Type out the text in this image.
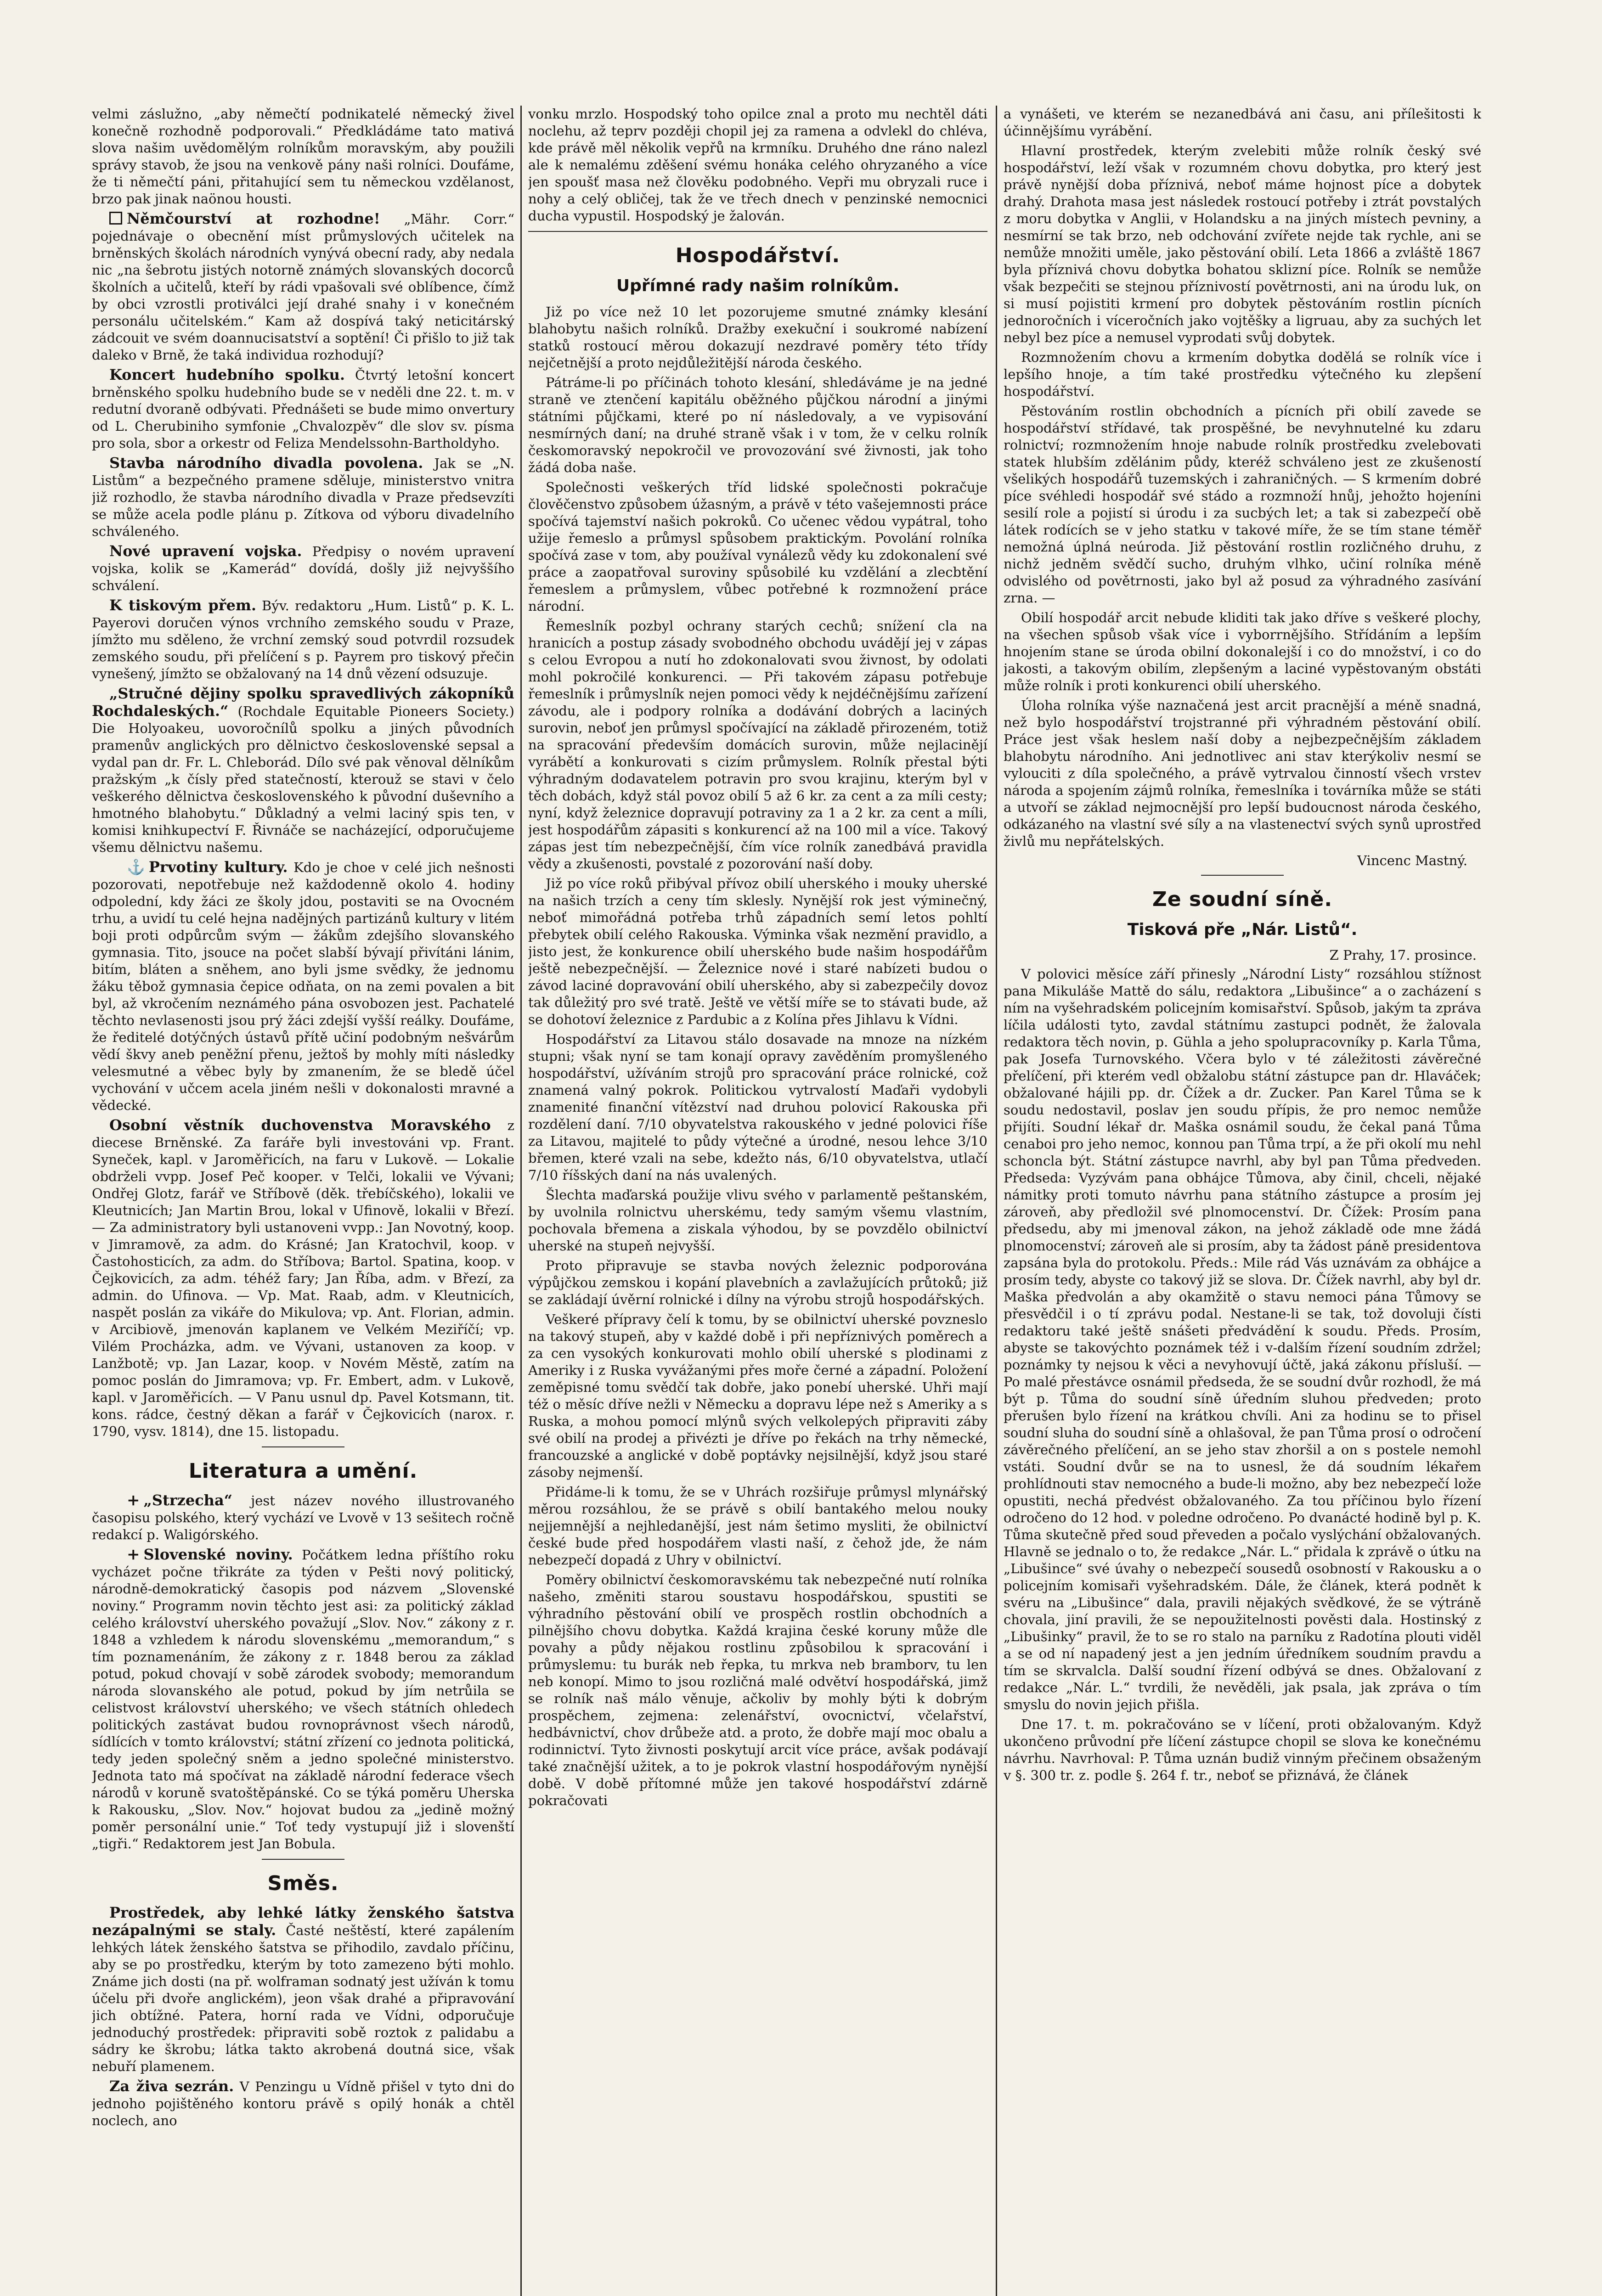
velmi záslužno, „aby němečtí podnikatelé německý živel konečně rozhodně podporovali.“ Předkládáme tato mativá slova našim uvědomělým rolníkům moravským, aby použili správy stavob, že jsou na venkově pány naši rolníci. Doufáme, že ti němečtí páni, přitahující sem tu německou vzdělanost, brzo pak jinak naönou housti.

Němčourství at rozhodne! „Mähr. Corr.“ pojednávaje o obecnění míst průmyslových učitelek na brněnských školách národních vynývá obecní rady, aby nedala nic „na šebrotu jistých notorně známých slovanských docorců školních a učitelů, kteří by rádi vpašovali své oblíbence, čímž by obci vzrostli protiválci její drahé snahy i v konečném personálu učitelském.“ Kam až dospívá taký neticitárský zádcouit ve svém doannucisatství a soptění! Či přišlo to již tak daleko v Brně, že taká individua rozhodují?

Koncert hudebního spolku. Čtvrtý letošní koncert brněnského spolku hudebního bude se v neděli dne 22. t. m. v redutní dvoraně odbývati. Přednášeti se bude mimo onvertury od L. Cherubiniho symfonie „Chvalozpěv“ dle slov sv. písma pro sola, sbor a orkestr od Feliza Mendelssohn-Bartholdyho.

Stavba národního divadla povolena. Jak se „N. Listům“ a bezpečného pramene sděluje, ministerstvo vnitra již rozhodlo, že stavba národního divadla v Praze předsevzíti se může acela podle plánu p. Zítkova od výboru divadelního schváleného.

Nové upravení vojska. Předpisy o novém upravení vojska, kolik se „Kamerád“ dovídá, došly již nejvyššího schválení.

K tiskovým přem. Býv. redaktoru „Hum. Listů“ p. K. L. Payerovi doručen výnos vrchního zemského soudu v Praze, jímžto mu sděleno, že vrchní zemský soud potvrdil rozsudek zemského soudu, při přelíčení s p. Payrem pro tiskový přečin vynešený, jímžto se obžalovaný na 14 dnů vězení odsuzuje.

„Stručné dějiny spolku spravedlivých zákopníků Rochdaleských.“ (Rochdale Equitable Pioneers Society.) Die Holyoakeu, uovoročnílů spolku a jiných původních pramenův anglických pro dělnictvo československé sepsal a vydal pan dr. Fr. L. Chleborád. Dílo své pak věnoval dělníkům pražským „k čísly před statečností, kterouž se stavi v čelo veškerého dělnictva československého k původní duševního a hmotného blahobytu.“ Důkladný a velmi laciný spis ten, v komisi knihkupectví F. Řivnáče se nacházející, odporučujeme všemu dělnictvu našemu.

⚓ Prvotiny kultury. Kdo je choe v celé jich nešnosti pozorovati, nepotřebuje než každodenně okolo 4. hodiny odpolední, kdy žáci ze školy jdou, postaviti se na Ovocném trhu, a uvidí tu celé hejna nadějných partizánů kultury v litém boji proti odpůrcům svým — žákům zdejšího slovanského gymnasia. Tito, jsouce na počet slabší bývají přivítáni lánim, bitím, bláten a sněhem, ano byli jsme svědky, že jednomu žáku těbož gymnasia čepice odňata, on na zemi povalen a bit byl, až vkročením neznámého pána osvobozen jest. Pachatelé těchto nevlasenosti jsou prý žáci zdejší vyšší reálky. Doufáme, že ředitelé dotýčných ústavů přítě učiní podobným nešvárům vědí škvy aneb peněžní přenu, ježtoš by mohly míti následky velesmutné a věbec byly by zmanením, že se bledě účel vychování v učcem acela jiném nešli v dokonalosti mravné a vědecké.

Osobní věstník duchovenstva Moravského z diecese Brněnské. Za faráře byli investováni vp. Frant. Syneček, kapl. v Jaroměřicích, na faru v Lukově. — Lokalie obdrželi vvpp. Josef Peč kooper. v Telči, lokalii ve Vývani; Ondřej Glotz, farář ve Stříbově (děk. třebíčského), lokalii ve Kleutnicích; Jan Martin Brou, lokal v Ufinově, lokalii v Březí. — Za administratory byli ustanoveni vvpp.: Jan Novotný, koop. v Jimramově, za adm. do Krásné; Jan Kratochvil, koop. v Častohosticích, za adm. do Stříbova; Bartol. Spatina, koop. v Čejkovicích, za adm. téhéž fary; Jan Říba, adm. v Březí, za admin. do Ufinova. — Vp. Mat. Raab, adm. v Kleutnicích, naspět poslán za vikáře do Mikulova; vp. Ant. Florian, admin. v Arcibiově, jmenován kaplanem ve Velkém Meziříčí; vp. Vilém Procházka, adm. ve Vývani, ustanoven za koop. v Lanžbotě; vp. Jan Lazar, koop. v Novém Městě, zatím na pomoc poslán do Jimramova; vp. Fr. Embert, adm. v Lukově, kapl. v Jaroměřicích. — V Panu usnul dp. Pavel Kotsmann, tit. kons. rádce, čestný děkan a farář v Čejkovicích (narox. r. 1790, vysv. 1814), dne 15. listopadu.

Literatura a umění.

+ „Strzecha“ jest název nového illustrovaného časopisu polského, který vychází ve Lvově v 13 sešitech ročně redakcí p. Waligórského.

+ Slovenské noviny. Počátkem ledna příštího roku vycházet počne třikráte za týden v Pešti nový politický, národně-demokratický časopis pod názvem „Slovenské noviny.“ Programm novin těchto jest asi: za politický základ celého království uherského považují „Slov. Nov.“ zákony z r. 1848 a vzhledem k národu slovenskému „memorandum,“ s tím poznamenáním, že zákony z r. 1848 berou za základ potud, pokud chovají v sobě zárodek svobody; memorandum národa slovanského ale potud, pokud by jím netrůila se celistvost království uherského; ve všech státních ohledech politických zastávat budou rovnoprávnost všech národů, sídlících v tomto království; státní zřízení co jednota politická, tedy jeden společný sněm a jedno společné ministerstvo. Jednota tato má spočívat na základě národní federace všech národů v koruně svatoštěpánské. Co se týká poměru Uherska k Rakousku, „Slov. Nov.“ hojovat budou za „jedině možný poměr personální unie.“ Toť tedy vystupují již i slovenští „tigři.“ Redaktorem jest Jan Bobula.

Směs.

Prostředek, aby lehké látky ženského šatstva nezápalnými se staly. Časté neštěstí, které zapálením lehkých látek ženského šatstva se přihodilo, zavdalo příčinu, aby se po prostředku, kterým by toto zamezeno býti mohlo. Známe jich dosti (na př. wolframan sodnatý jest užíván k tomu účelu při dvoře anglickém), jeon však drahé a připravování jich obtížné. Patera, horní rada ve Vídni, odporučuje jednoduchý prostředek: připraviti sobě roztok z palidabu a sádry ke škrobu; látka takto akrobená doutná sice, však nebuří plamenem.

Za živa sezrán. V Penzingu u Vídně přišel v tyto dni do jednoho pojištěného kontoru právě s opilý honák a chtěl noclech, ano

vonku mrzlo. Hospodský toho opilce znal a proto mu nechtěl dáti noclehu, až teprv později chopil jej za ramena a odvlekl do chléva, kde právě měl několik vepřů na krmníku. Druhého dne ráno nalezl ale k nemalému zděšení svému honáka celého ohryzaného a více jen spoušť masa než člověku podobného. Vepři mu obryzali ruce i nohy a celý obličej, tak že ve třech dnech v penzinské nemocnici ducha vypustil. Hospodský je žalován.

Hospodářství.
Upřímné rady našim rolníkům.

Již po více než 10 let pozorujeme smutné známky klesání blahobytu našich rolníků. Dražby exekuční i soukromé nabízení statků rostoucí měrou dokazují nezdravé poměry této třídy nejčetnější a proto nejdůležitější národa českého.

Pátráme-li po příčinách tohoto klesání, shledáváme je na jedné straně ve ztenčení kapitálu oběžného půjčkou národní a jinými státními půjčkami, které po ní následovaly, a ve vypisování nesmírných daní; na druhé straně však i v tom, že v celku rolník českomoravský nepokročil ve provozování své živnosti, jak toho žádá doba naše.

Společnosti veškerých tříd lidské společnosti pokračuje člověčenstvo způsobem úžasným, a právě v této vašejemnosti práce spočívá tajemství našich pokroků. Co učenec vědou vypátral, toho užije řemeslo a průmysl spůsobem praktickým. Povolání rolníka spočívá zase v tom, aby používal vynálezů vědy ku zdokonalení své práce a zaopatřoval suroviny spůsobilé ku vzdělání a zlecbtění řemeslem a průmyslem, vůbec potřebné k rozmnožení práce národní.

Řemeslník pozbyl ochrany starých cechů; snížení cla na hranicích a postup zásady svobodného obchodu uvádějí jej v zápas s celou Evropou a nutí ho zdokonalovati svou živnost, by odolati mohl pokročilé konkurenci. — Při takovém zápasu potřebuje řemeslník i průmyslník nejen pomoci vědy k nejdéčnějšímu zařízení závodu, ale i podpory rolníka a dodávání dobrých a laciných surovin, neboť jen průmysl spočívající na základě přirozeném, totiž na spracování především domácích surovin, může nejlacinějí vyrábětí a konkurovati s cizím průmyslem. Rolník přestal býti výhradným dodavatelem potravin pro svou krajinu, kterým byl v těch dobách, když stál povoz obilí 5 až 6 kr. za cent a za míli cesty; nyní, když železnice dopravují potraviny za 1 a 2 kr. za cent a míli, jest hospodářům zápasiti s konkurencí až na 100 mil a více. Takový zápas jest tím nebezpečnější, čím více rolník zanedbává pravidla vědy a zkušenosti, povstalé z pozorování naší doby.

Již po více roků přibýval přívoz obilí uherského i mouky uherské na našich trzích a ceny tím sklesly. Nynější rok jest výminečný, neboť mimořádná potřeba trhů západních semí letos pohltí přebytek obilí celého Rakouska. Výminka však nezmění pravidlo, a jisto jest, že konkurence obilí uherského bude našim hospodářům ještě nebezpečnější. — Železnice nové i staré nabízeti budou o závod laciné dopravování obilí uherského, aby si zabezpečily dovoz tak důležitý pro své tratě. Ještě ve větší míře se to stávati bude, až se dohotoví železnice z Pardubic a z Kolína přes Jihlavu k Vídni.

Hospodářství za Litavou stálo dosavade na mnoze na nízkém stupni; však nyní se tam konají opravy zavěděním promyšleného hospodářství, užíváním strojů pro spracování práce rolnické, což znamená valný pokrok. Politickou vytrvalostí Maďaři vydobyli znamenité finanční vítězství nad druhou polovicí Rakouska při rozdělení daní. 7/10 obyvatelstva rakouského v jedné polovici říše za Litavou, majitelé to půdy výtečné a úrodné, nesou lehce 3/10 břemen, které vzali na sebe, kdežto nás, 6/10 obyvatelstva, utlačí 7/10 říšských daní na nás uvalených.

Šlechta maďarská použije vlivu svého v parlamentě peštanském, by uvolnila rolnictvu uherskému, tedy samým všemu vlastním, pochovala břemena a ziskala výhodou, by se povzdělo obilnictví uherské na stupeň nejvyšší.

Proto připravuje se stavba nových železnic podporována výpůjčkou zemskou i kopání plavebních a zavlažujících průtoků; již se zakládají úvěrní rolnické i dílny na výrobu strojů hospodářských.

Veškeré přípravy čelí k tomu, by se obilnictví uherské povzneslo na takový stupeň, aby v každé době i při nepříznivých poměrech a za cen vysokých konkurovati mohlo obilí uherské s plodinami z Ameriky i z Ruska vyvážanými přes moře černé a západní. Položení zeměpisné tomu svědčí tak dobře, jako ponebí uherské. Uhři mají též o měsíc dříve nežli v Německu a dopravu lépe než s Ameriky a s Ruska, a mohou pomocí mlýnů svých velkolepých připraviti záby své obilí na prodej a přivézti je dříve po řekách na trhy německé, francouzské a anglické v době poptávky nejsilnější, když jsou staré zásoby nejmenší.

Přidáme-li k tomu, že se v Uhrách rozšiřuje průmysl mlynářský měrou rozsáhlou, že se právě s obilí bantakého melou nouky nejjemnější a nejhledanější, jest nám šetimo mysliti, že obilnictví české bude před hospodářem vlasti naší, z čehož jde, že nám nebezpečí dopadá z Uhry v obilnictví.

Poměry obilnictví českomoravskému tak nebezpečné nutí rolníka našeho, změniti starou soustavu hospodářskou, spustiti se výhradního pěstování obilí ve prospěch rostlin obchodních a pilnějšího chovu dobytka. Každá krajina české koruny může dle povahy a půdy nějakou rostlinu způsobilou k spracování i průmyslemu: tu burák neb řepka, tu mrkva neb bramborv, tu len neb konopí. Mimo to jsou rozličná malé odvětví hospodářská, jimž se rolník naš málo věnuje, ačkoliv by mohly býti k dobrým prospěchem, zejmena: zelenářství, ovocnictví, včelařství, hedbávnictví, chov drůbeže atd. a proto, že dobře mají moc obalu a rodinnictví. Tyto živnosti poskytují arcit více práce, avšak podávají také značnější užitek, a to je pokrok vlastní hospodářovým nynější době. V době přítomné může jen takové hospodářství zdárně pokračovati

a vynášeti, ve kterém se nezanedbává ani času, ani přílešitosti k účinnějšímu vyrábění.

Hlavní prostředek, kterým zvelebiti může rolník český své hospodářství, leží však v rozumném chovu dobytka, pro který jest právě nynější doba příznivá, neboť máme hojnost píce a dobytek drahý. Drahota masa jest následek rostoucí potřeby i ztrát povstalých z moru dobytka v Anglii, v Holandsku a na jiných místech pevniny, a nesmírní se tak brzo, neb odchování zvířete nejde tak rychle, ani se nemůže množiti uměle, jako pěstování obilí. Leta 1866 a zvláště 1867 byla příznivá chovu dobytka bohatou sklizní píce. Rolník se nemůže však bezpečiti se stejnou příznivostí povětrnosti, ani na úrodu luk, on si musí pojistiti krmení pro dobytek pěstováním rostlin pícních jednoročních i víceročních jako vojtěšky a ligruau, aby za suchých let nebyl bez píce a nemusel vyprodati svůj dobytek.

Rozmnožením chovu a krmením dobytka dodělá se rolník více i lepšího hnoje, a tím také prostředku výtečného ku zlepšení hospodářství.

Pěstováním rostlin obchodních a pícních při obilí zavede se hospodářství střídavé, tak prospěšné, be nevyhnutelné ku zdaru rolnictví; rozmnožením hnoje nabude rolník prostředku zvelebovati statek hlubším zdělánim půdy, kteréž schváleno jest ze zkušeností všelikých hospodářů tuzemských i zahraničných. — S krmením dobré píce svéhledi hospodář své stádo a rozmnoží hnůj, jehožto hojeníni sesilí role a pojistí si úrodu i za sucbých let; a tak si zabezpečí obě látek rodících se v jeho statku v takové míře, že se tím stane téměř nemožná úplná neúroda. Již pěstování rostlin rozličného druhu, z nichž jedněm svědčí sucho, druhým vlhko, učiní rolníka méně odvislého od povětrnosti, jako byl až posud za výhradného zasívání zrna. —

Obilí hospodář arcit nebude kliditi tak jako dříve s veškeré plochy, na všechen spůsob však více i vyborrnějšího. Střídáním a lepším hnojením stane se úroda obilní dokonalejší i co do množství, i co do jakosti, a takovým obilím, zlepšeným a laciné vypěstovaným obstáti může rolník i proti konkurenci obilí uherského.

Úloha rolníka výše naznačená jest arcit pracnější a méně snadná, než bylo hospodářství trojstranné při výhradném pěstování obilí. Práce jest však heslem naší doby a nejbezpečnějším základem blahobytu národního. Ani jednotlivec ani stav kterýkoliv nesmí se vylouciti z díla společného, a právě vytrvalou činností všech vrstev národa a spojením zájmů rolníka, řemeslníka i továrníka může se státi a utvoří se základ nejmocnější pro lepší budoucnost národa českého, odkázaného na vlastní své síly a na vlastenectví svých synů uprostřed živlů mu nepřátelských.

Vincenc Mastný.
Ze soudní síně.
Tisková pře „Nár. Listů“.
Z Prahy, 17. prosince.

V polovici měsíce září přinesly „Národní Listy“ rozsáhlou stížnost pana Mikuláše Mattě do sálu, redaktora „Libušince“ a o zacházení s ním na vyšehradském policejním komisařství. Spůsob, jakým ta zpráva líčila události tyto, zavdal státnímu zastupci podnět, že žalovala redaktora těch novin, p. Gühla a jeho spolupracovníky p. Karla Tůma, pak Josefa Turnovského. Včera bylo v té záležitosti závěrečné přelíčení, při kterém vedl obžalobu státní zástupce pan dr. Hlaváček; obžalované hájili pp. dr. Čížek a dr. Zucker. Pan Karel Tůma se k soudu nedostavil, poslav jen soudu přípis, že pro nemoc nemůže přijíti. Soudní lékař dr. Maška osnámil soudu, že čekal paná Tůma cenaboi pro jeho nemoc, konnou pan Tůma trpí, a že při okolí mu nehl schoncla být. Státní zástupce navrhl, aby byl pan Tůma předveden. Předseda: Vyzývám pana obhájce Tůmova, aby činil, chceli, nějaké námitky proti tomuto návrhu pana státního zástupce a prosím jej zároveň, aby předložil své plnomocenství. Dr. Čížek: Prosím pana předsedu, aby mi jmenoval zákon, na jehož základě ode mne žádá plnomocenství; zároveň ale si prosím, aby ta žádost páně presidentova zapsána byla do protokolu. Předs.: Mile rád Vás uznávám za obhájce a prosím tedy, abyste co takový již se slova. Dr. Čížek navrhl, aby byl dr. Maška předvolán a aby okamžitě o stavu nemoci pána Tůmovy se přesvědčil i o tí zprávu podal. Nestane-li se tak, tož dovoluji čísti redaktoru také ještě snášeti předvádění k soudu. Předs. Prosím, abyste se takovýchto poznámek též i v-dalším řízení soudním zdržel; poznámky ty nejsou k věci a nevyhovují účtě, jaká zákonu přísluší. — Po malé přestávce osnámil předseda, že se soudní dvůr rozhodl, že má být p. Tůma do soudní síně úředním sluhou předveden; proto přerušen bylo řízení na krátkou chvíli. Ani za hodinu se to přisel soudní sluha do soudní síně a ohlašoval, že pan Tůma prosí o odročení závěrečného přelíčení, an se jeho stav zhoršil a on s postele nemohl vstáti. Soudní dvůr se na to usnesl, že dá soudním lékařem prohlídnouti stav nemocného a bude-li možno, aby bez nebezpečí lože opustiti, nechá předvést obžalovaného. Za tou příčinou bylo řízení odročeno do 12 hod. v poledne odročeno. Po dvanácté hodině byl p. K. Tůma skutečně před soud převeden a počalo vyslýchání obžalovaných. Hlavně se jednalo o to, že redakce „Nár. L.“ přidala k zprávě o útku na „Libušince“ své úvahy o nebezpečí sousedů osobností v Rakousku a o policejním komisaři vyšehradském. Dále, že článek, která podnět k svéru na „Libušince“ dala, pravili nějakých svědkové, že se výtráně chovala, jiní pravili, že se nepoužitelnosti pověsti dala. Hostinský z „Libušinky“ pravil, že to se ro stalo na parníku z Radotína plouti viděl a se od ní napadený jest a jen jedním úředníkem soudním pravdu a tím se skrvalcla. Další soudní řízení odbývá se dnes. Obžalovaní z redakce „Nár. L.“ tvrdili, že nevěděli, jak psala, jak zpráva o tím smyslu do novin jejich přišla.

Dne 17. t. m. pokračováno se v líčení, proti obžalovaným. Když ukončeno průvodní pře líčení zástupce chopil se slova ke konečnému návrhu. Navrhoval: P. Tůma uznán budiž vinným přečinem obsaženým v §. 300 tr. z. podle §. 264 f. tr., neboť se přiznává, že článek
